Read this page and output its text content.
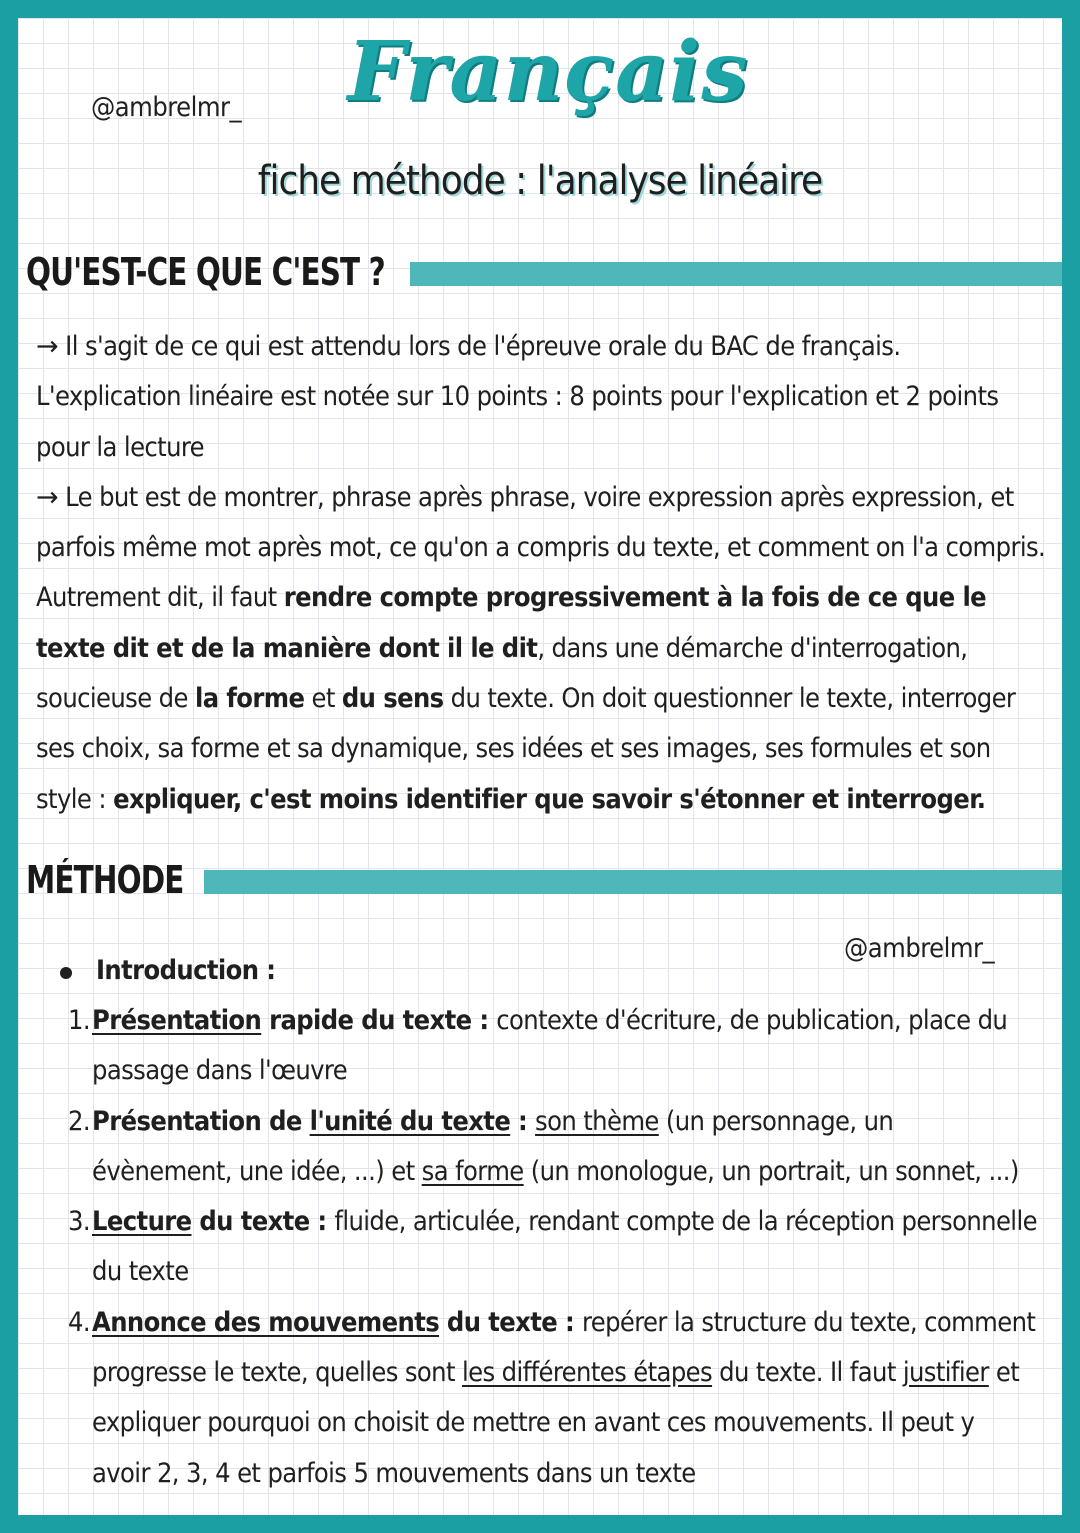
@ambrelmr_ Français
fiche méthode : l'analyse linéaire
QU'EST-CE QUE C'EST ?
→ Il s'agit de ce qui est attendu lors de l'épreuve orale du BAC de français. L'explication linéaire est notée sur 10 points : 8 points pour l'explication et 2 points pour la lecture
→ Le but est de montrer, phrase après phrase, voire expression après expression, et parfois même mot après mot, ce qu'on a compris du texte, et comment on l'a compris. Autrement dit, il faut rendre compte progressivement à la fois de ce que le texte dit et de la manière dont il le dit, dans une démarche d'interrogation, soucieuse de la forme et du sens du texte. On doit questionner le texte, interroger ses choix, sa forme et sa dynamique, ses idées et ses images, ses formules et son style : expliquer, c'est moins identifier que savoir s'étonner et interroger.
MÉTHODE
@ambrelmr_
Introduction :
1. Présentation rapide du texte : contexte d'écriture, de publication, place du passage dans l'œuvre
2. Présentation de l'unité du texte : son thème (un personnage, un évènement, une idée, ...) et sa forme (un monologue, un portrait, un sonnet, ...)
3. Lecture du texte : fluide, articulée, rendant compte de la réception personnelle du texte
4. Annonce des mouvements du texte : repérer la structure du texte, comment progresse le texte, quelles sont les différentes étapes du texte. Il faut justifier et expliquer pourquoi on choisit de mettre en avant ces mouvements. Il peut y avoir 2, 3, 4 et parfois 5 mouvements dans un texte
